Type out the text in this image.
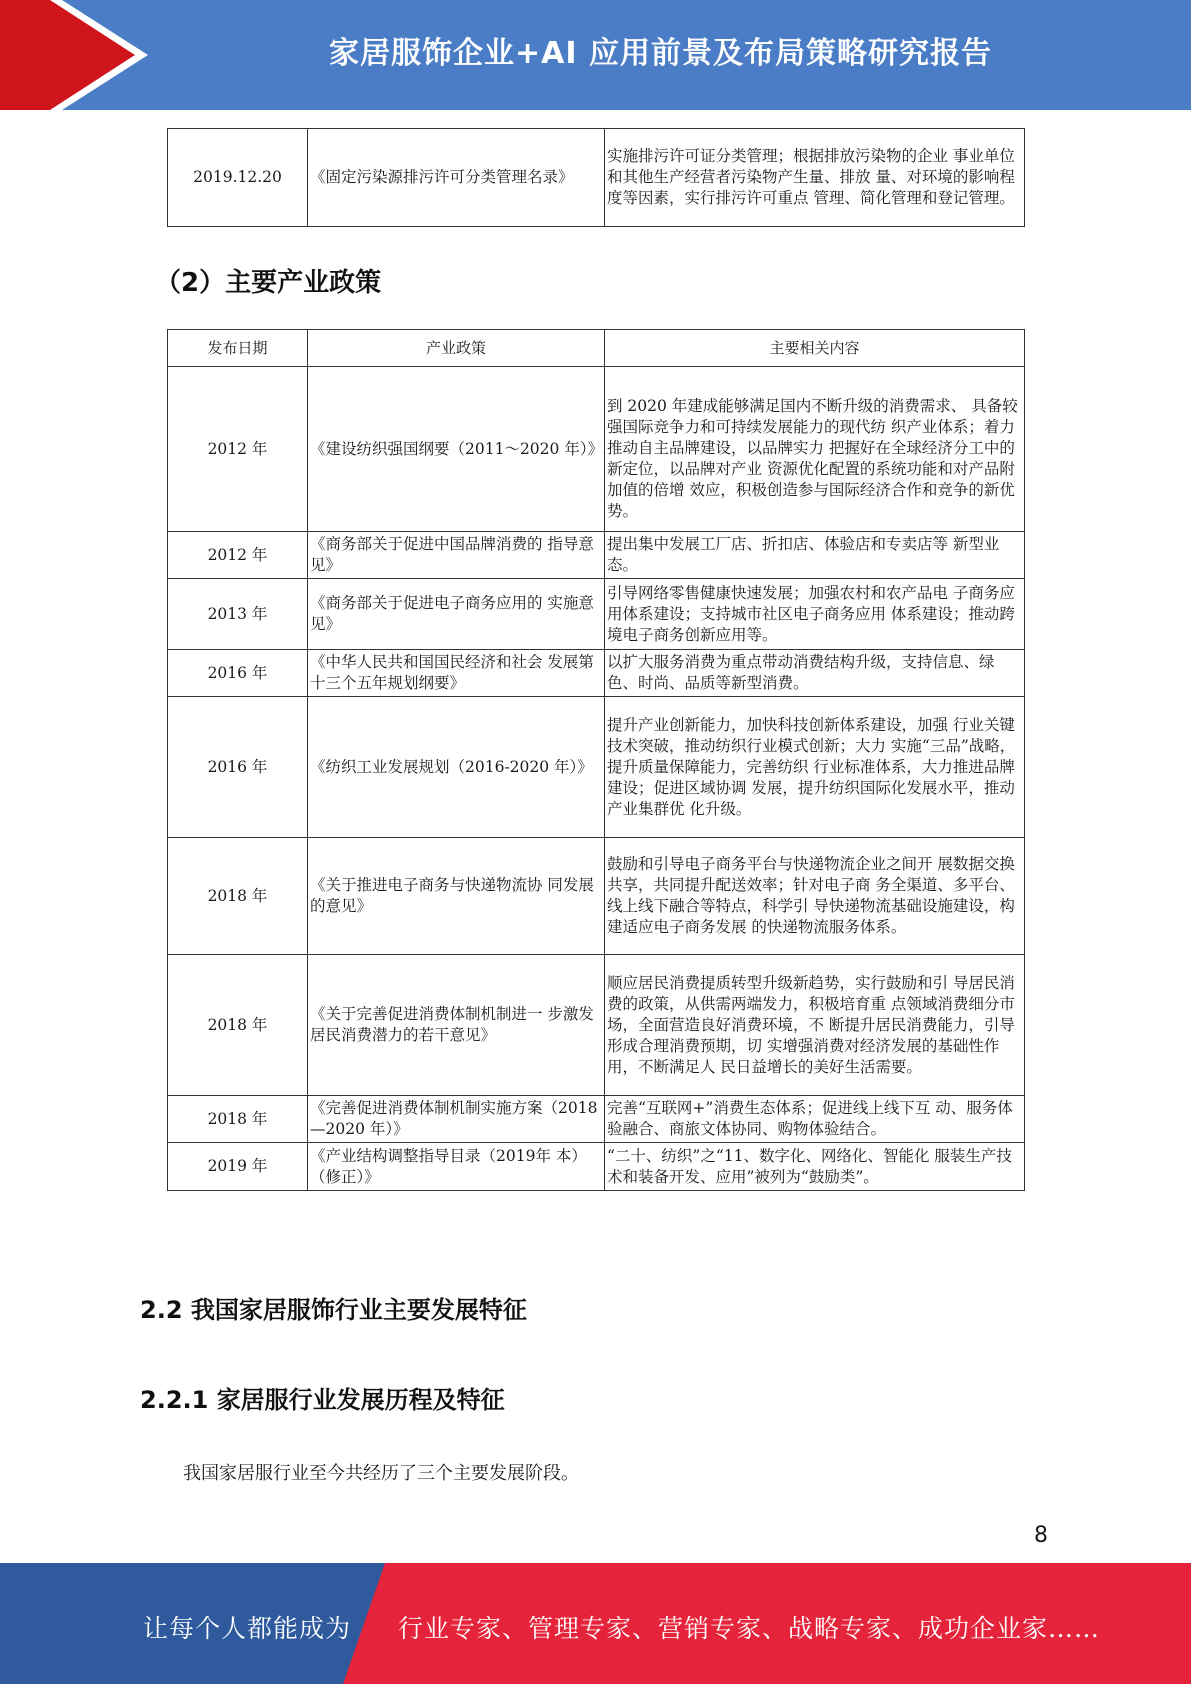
家居服饰企业+AI 应用前景及布局策略研究报告
2019.12.20	《固定污染源排污许可分类管理名录》	实施排污许可证分类管理；根据排放污染物的企业 事业单位和其他生产经营者污染物产生量、排放 量、对环境的影响程度等因素，实行排污许可重点 管理、简化管理和登记管理。
（2）主要产业政策
发布日期	产业政策	主要相关内容
2012 年	《建设纺织强国纲要（2011～2020 年）》	到 2020 年建成能够满足国内不断升级的消费需求、 具备较强国际竞争力和可持续发展能力的现代纺 织产业体系；着力推动自主品牌建设，以品牌实力 把握好在全球经济分工中的新定位，以品牌对产业 资源优化配置的系统功能和对产品附加值的倍增 效应，积极创造参与国际经济合作和竞争的新优 势。
2012 年	《商务部关于促进中国品牌消费的 指导意见》	提出集中发展工厂店、折扣店、体验店和专卖店等 新型业态。
2013 年	《商务部关于促进电子商务应用的 实施意见》	引导网络零售健康快速发展；加强农村和农产品电 子商务应用体系建设；支持城市社区电子商务应用 体系建设；推动跨境电子商务创新应用等。
2016 年	《中华人民共和国国民经济和社会 发展第十三个五年规划纲要》	以扩大服务消费为重点带动消费结构升级，支持信息、绿色、时尚、品质等新型消费。
2016 年	《纺织工业发展规划（2016-2020 年）》	提升产业创新能力，加快科技创新体系建设，加强 行业关键技术突破，推动纺织行业模式创新；大力 实施“三品”战略，提升质量保障能力，完善纺织 行业标准体系，大力推进品牌建设；促进区域协调 发展，提升纺织国际化发展水平，推动产业集群优 化升级。
2018 年	《关于推进电子商务与快递物流协 同发展的意见》	鼓励和引导电子商务平台与快递物流企业之间开 展数据交换共享，共同提升配送效率；针对电子商 务全渠道、多平台、线上线下融合等特点，科学引 导快递物流基础设施建设，构建适应电子商务发展 的快递物流服务体系。
2018 年	《关于完善促进消费体制机制进一 步激发居民消费潜力的若干意见》	顺应居民消费提质转型升级新趋势，实行鼓励和引 导居民消费的政策，从供需两端发力，积极培育重 点领域消费细分市场，全面营造良好消费环境，不 断提升居民消费能力，引导形成合理消费预期，切 实增强消费对经济发展的基础性作用，不断满足人 民日益增长的美好生活需要。
2018 年	《完善促进消费体制机制实施方案（2018—2020 年）》	完善“互联网+”消费生态体系；促进线上线下互 动、服务体验融合、商旅文体协同、购物体验结合。
2019 年	《产业结构调整指导目录（2019年 本）（修正）》	“二十、纺织”之“11、数字化、网络化、智能化 服装生产技术和装备开发、应用”被列为“鼓励类”。
2.2 我国家居服饰行业主要发展特征
2.2.1 家居服行业发展历程及特征

我国家居服行业至今共经历了三个主要发展阶段。

8
让每个人都能成为 行业专家、管理专家、营销专家、战略专家、成功企业家……
